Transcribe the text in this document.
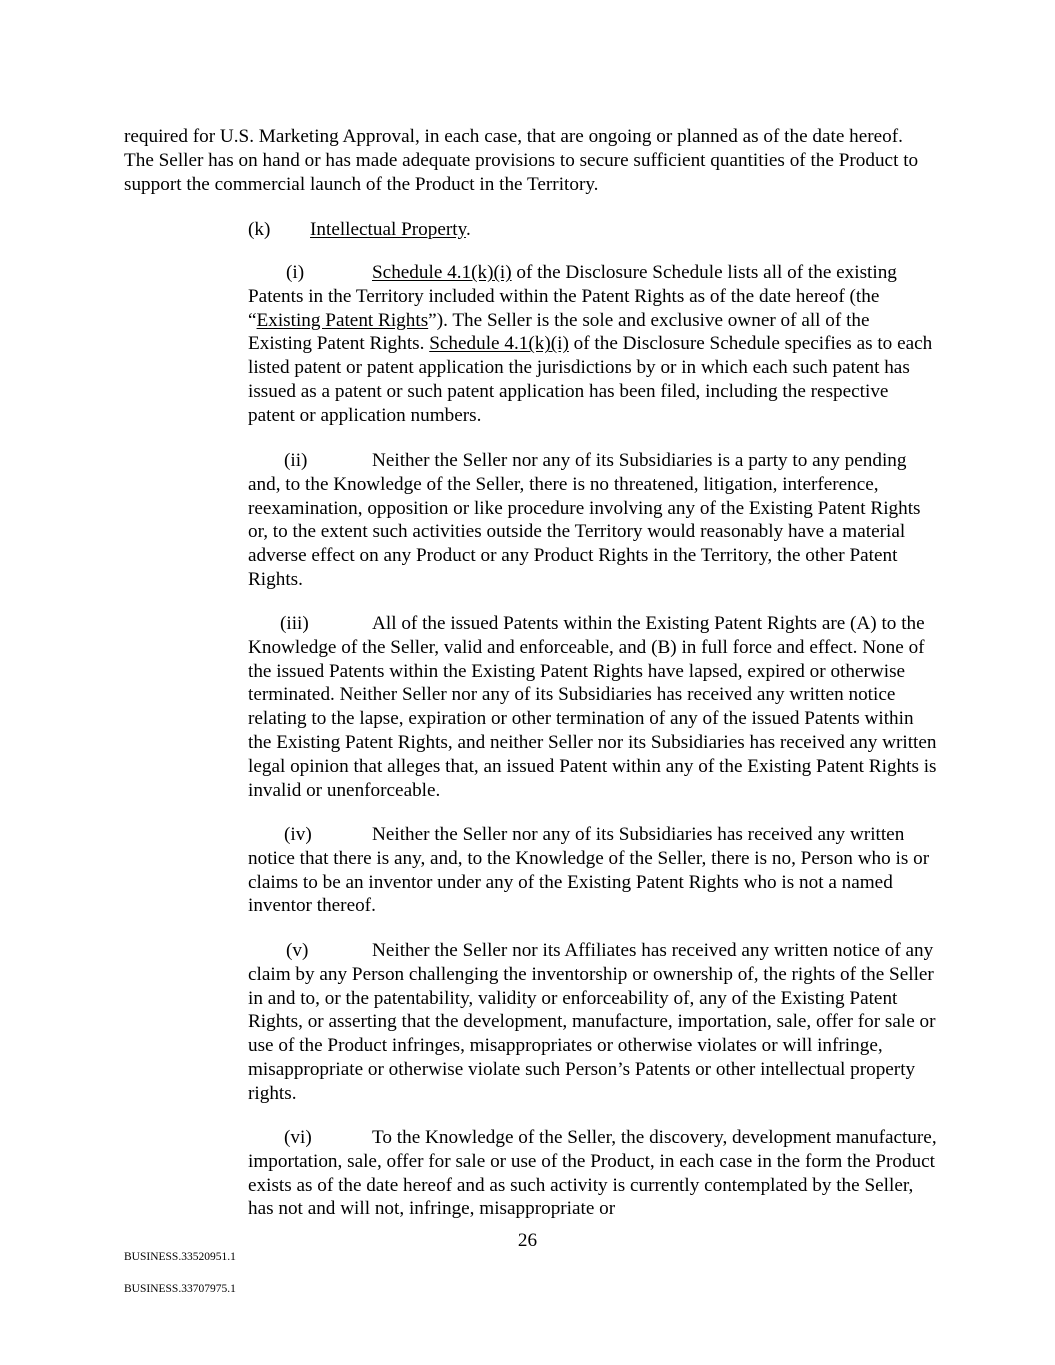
required for U.S. Marketing Approval, in each case, that are ongoing or planned as of the date hereof. The Seller has on hand or has made adequate provisions to secure sufficient quantities of the Product to support the commercial launch of the Product in the Territory.

(k) Intellectual Property.

(i)	Schedule 4.1(k)(i) of the Disclosure Schedule lists all of the existing Patents in the Territory included within the Patent Rights as of the date hereof (the “Existing Patent Rights”). The Seller is the sole and exclusive owner of all of the Existing Patent Rights. Schedule 4.1(k)(i) of the Disclosure Schedule specifies as to each listed patent or patent application the jurisdictions by or in which each such patent has issued as a patent or such patent application has been filed, including the respective patent or application numbers.

(ii)	Neither the Seller nor any of its Subsidiaries is a party to any pending and, to the Knowledge of the Seller, there is no threatened, litigation, interference, reexamination, opposition or like procedure involving any of the Existing Patent Rights or, to the extent such activities outside the Territory would reasonably have a material adverse effect on any Product or any Product Rights in the Territory, the other Patent Rights.

(iii)	All of the issued Patents within the Existing Patent Rights are (A) to the Knowledge of the Seller, valid and enforceable, and (B) in full force and effect. None of the issued Patents within the Existing Patent Rights have lapsed, expired or otherwise terminated. Neither Seller nor any of its Subsidiaries has received any written notice relating to the lapse, expiration or other termination of any of the issued Patents within the Existing Patent Rights, and neither Seller nor its Subsidiaries has received any written legal opinion that alleges that, an issued Patent within any of the Existing Patent Rights is invalid or unenforceable.

(iv)	Neither the Seller nor any of its Subsidiaries has received any written notice that there is any, and, to the Knowledge of the Seller, there is no, Person who is or claims to be an inventor under any of the Existing Patent Rights who is not a named inventor thereof.

(v)	Neither the Seller nor its Affiliates has received any written notice of any claim by any Person challenging the inventorship or ownership of, the rights of the Seller in and to, or the patentability, validity or enforceability of, any of the Existing Patent Rights, or asserting that the development, manufacture, importation, sale, offer for sale or use of the Product infringes, misappropriates or otherwise violates or will infringe, misappropriate or otherwise violate such Person’s Patents or other intellectual property rights.

(vi)	To the Knowledge of the Seller, the discovery, development manufacture, importation, sale, offer for sale or use of the Product, in each case in the form the Product exists as of the date hereof and as such activity is currently contemplated by the Seller, has not and will not, infringe, misappropriate or

26
BUSINESS.33520951.1
BUSINESS.33707975.1
